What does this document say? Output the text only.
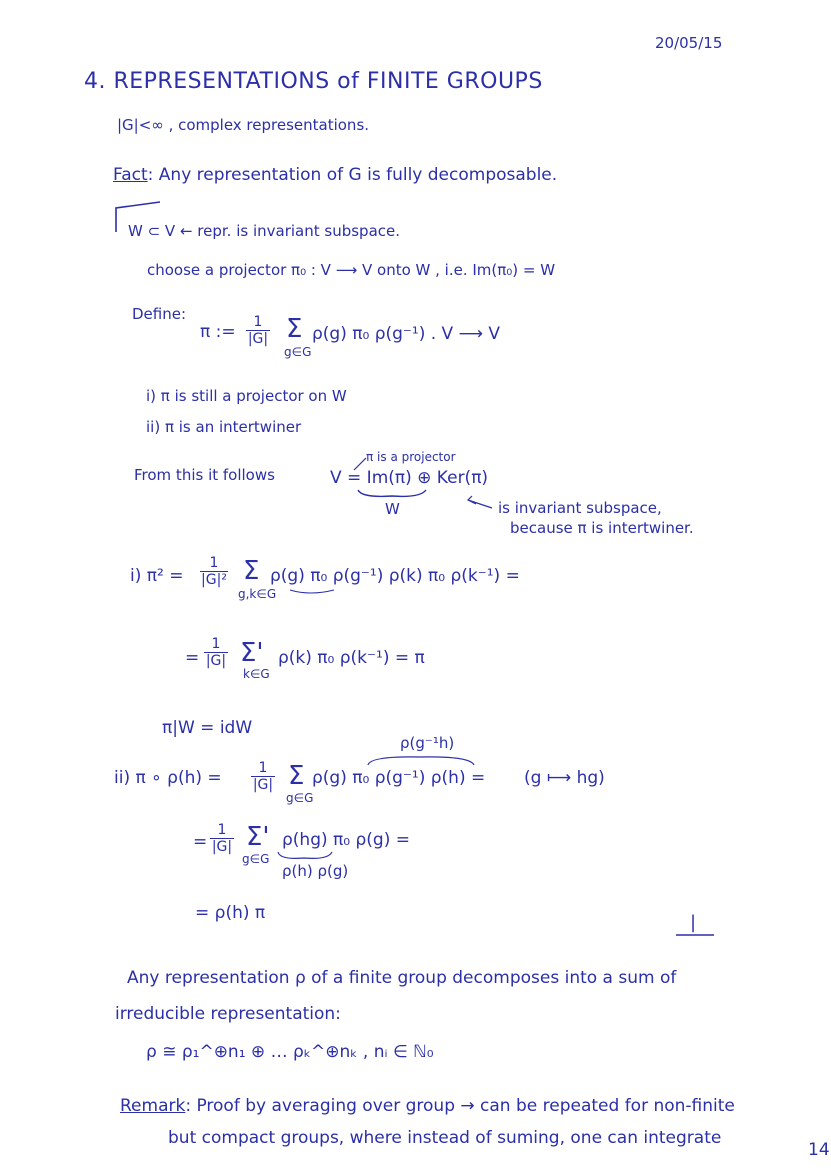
20/05/15
4. REPRESENTATIONS of FINITE GROUPS
|G|<∞ , complex representations.
Fact: Any representation of G is fully decomposable.
W ⊂ V ← repr. is invariant subspace.
choose a projector π₀ : V ⟶ V onto W , i.e. Im(π₀) = W
Define:
π := 1
|G| Σ
g∈G
ρ(g) π₀ ρ(g⁻¹) . V ⟶ V
i) π is still a projector on W
ii) π is an intertwiner
π is a projector
From this it follows	V = Im(π) ⊕ Ker(π)
W	is invariant subspace,
because π is intertwiner.
i) π² =
1
|G|² Σ
g,k∈G
ρ(g) π₀ ρ(g⁻¹) ρ(k) π₀ ρ(k⁻¹) =
=
1
|G| Σ'
k∈G
ρ(k) π₀ ρ(k⁻¹) = π
π|W = idW
ρ(g⁻¹h)
ii) π ∘ ρ(h) =	1
|G| Σ
g∈G
ρ(g) π₀ ρ(g⁻¹) ρ(h) = (g ⟼ hg)
=
1
|G| Σ'
g∈G
ρ(hg) π₀ ρ(g) =
ρ(h) ρ(g)
= ρ(h) π	|
Any representation ρ of a finite group decomposes into a sum of
irreducible representation:
ρ ≅ ρ₁^⊕n₁ ⊕ … ρₖ^⊕nₖ , nᵢ ∈ ℕ₀
Remark: Proof by averaging over group → can be repeated for non-finite
but compact groups, where instead of suming, one can integrate
14
